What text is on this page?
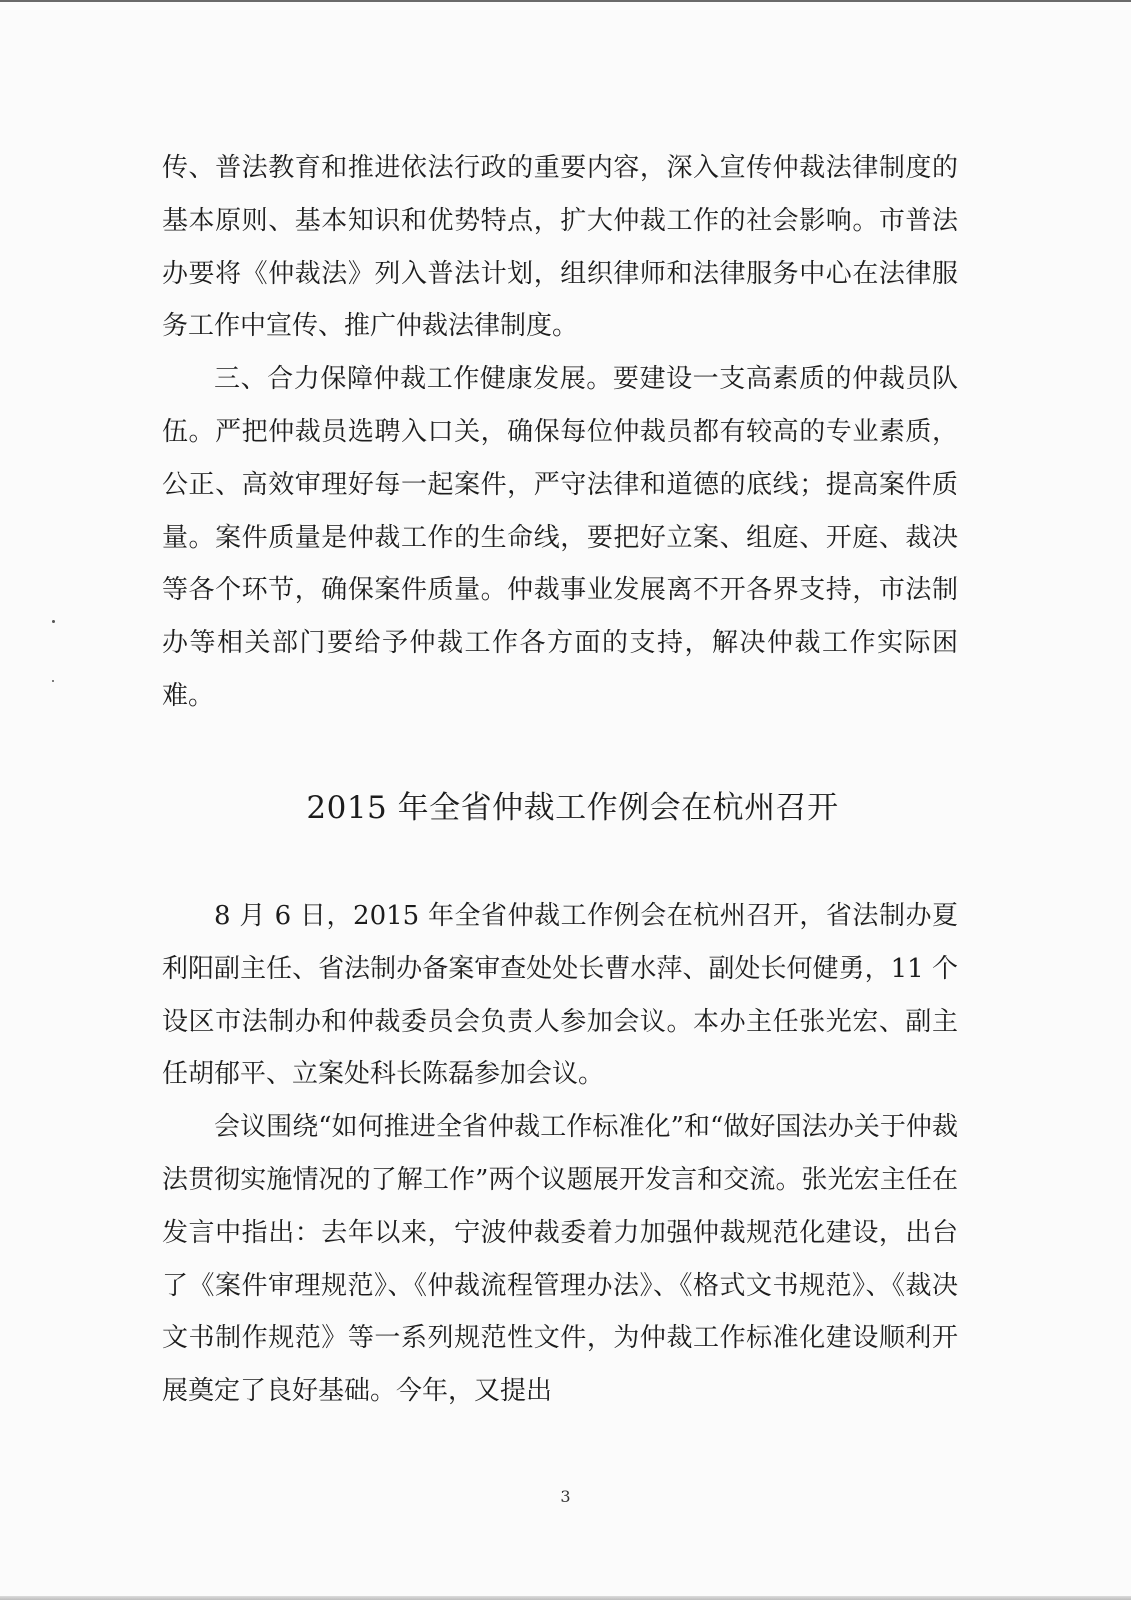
传、普法教育和推进依法行政的重要内容，深入宣传仲裁法律制度的基本原则、基本知识和优势特点，扩大仲裁工作的社会影响。市普法办要将《仲裁法》列入普法计划，组织律师和法律服务中心在法律服务工作中宣传、推广仲裁法律制度。

三、合力保障仲裁工作健康发展。要建设一支高素质的仲裁员队伍。严把仲裁员选聘入口关，确保每位仲裁员都有较高的专业素质，公正、高效审理好每一起案件，严守法律和道德的底线；提高案件质量。案件质量是仲裁工作的生命线，要把好立案、组庭、开庭、裁决等各个环节，确保案件质量。仲裁事业发展离不开各界支持，市法制办等相关部门要给予仲裁工作各方面的支持，解决仲裁工作实际困难。

2015 年全省仲裁工作例会在杭州召开

8 月 6 日，2015 年全省仲裁工作例会在杭州召开，省法制办夏利阳副主任、省法制办备案审查处处长曹水萍、副处长何健勇，11 个设区市法制办和仲裁委员会负责人参加会议。本办主任张光宏、副主任胡郁平、立案处科长陈磊参加会议。

会议围绕“如何推进全省仲裁工作标准化”和“做好国法办关于仲裁法贯彻实施情况的了解工作”两个议题展开发言和交流。张光宏主任在发言中指出：去年以来，宁波仲裁委着力加强仲裁规范化建设，出台了《案件审理规范》、《仲裁流程管理办法》、《格式文书规范》、《裁决文书制作规范》等一系列规范性文件，为仲裁工作标准化建设顺利开展奠定了良好基础。今年，又提出

3
